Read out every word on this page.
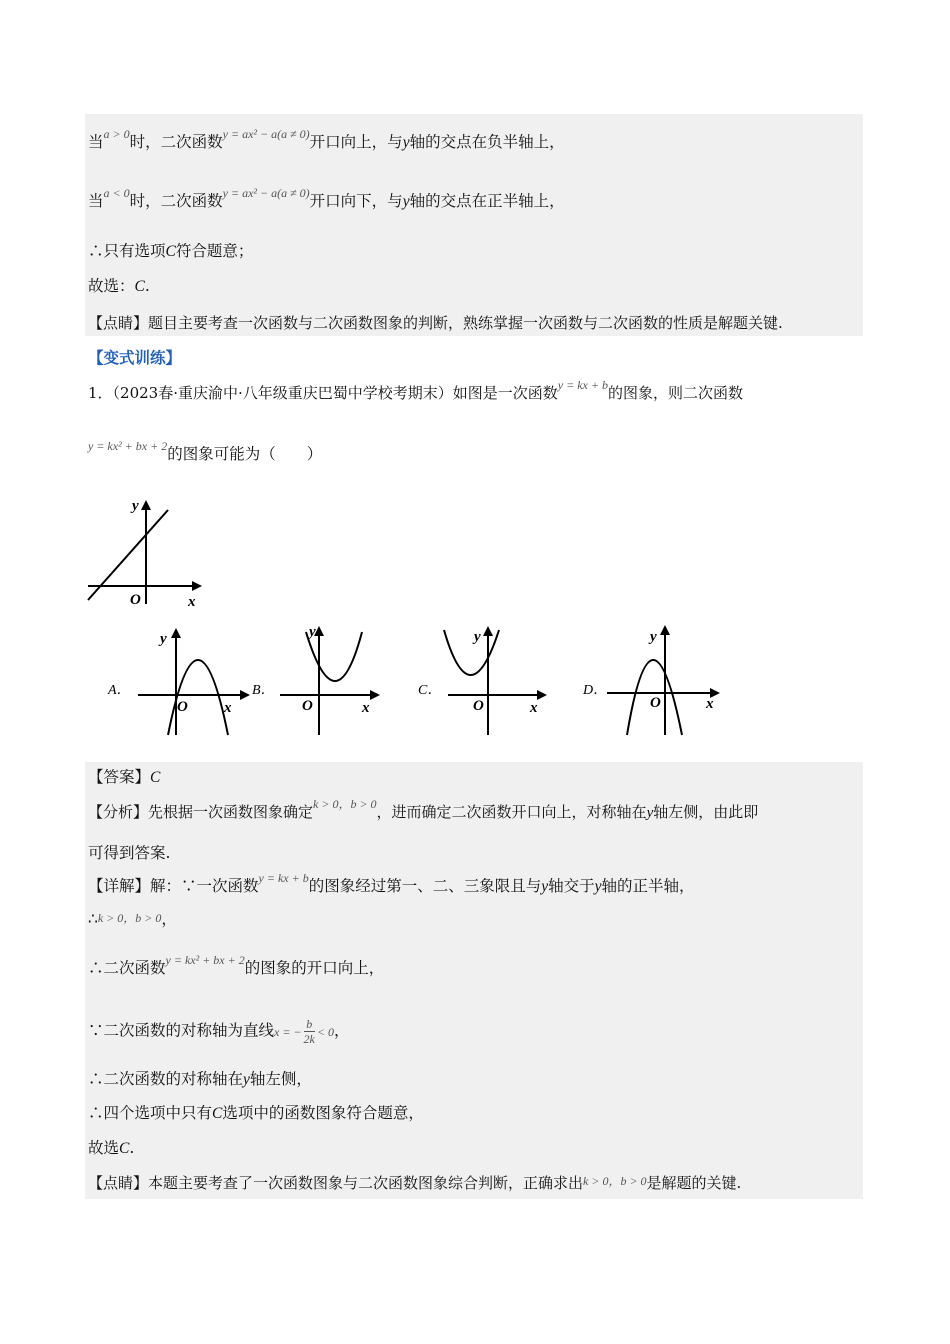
当$^{a > 0}$时，二次函数$^{y = ax^2 - a(a \ne 0)}$开口向上，与y轴的交点在负半轴上，
当$^{a < 0}$时，二次函数$^{y = ax^2 - a(a \ne 0)}$开口向下，与y轴的交点在正半轴上，
∴只有选项C符合题意；
故选：C.
【点睛】题目主要考查一次函数与二次函数图象的判断，熟练掌握一次函数与二次函数的性质是解题关键.
【变式训练】
1．（2023春·重庆渝中·八年级重庆巴蜀中学校考期末）如图是一次函数$^{y = kx + b}$的图象，则二次函数
$^{y = kx^2 + bx + 2}$的图象可能为（　　）
y
O	x
A．
y
O x
B．
y
O	x
C．
y
O	x
D．
y
O	x
【答案】C
【分析】先根据一次函数图象确定$^{k > 0,b > 0}$，进而确定二次函数开口向上，对称轴在y轴左侧，由此即
可得到答案.
【详解】解：∵一次函数$^{y = kx + b}$的图象经过第一、二、三象限且与y轴交于y轴的正半轴，
∴k > 0，b > 0，
∴二次函数$^{y = kx^2 + bx + 2}$的图象的开口向上，
∵二次函数的对称轴为直线x = − $\frac{b}{2k} < 0$，
∴二次函数的对称轴在y轴左侧，
∴四个选项中只有C选项中的函数图象符合题意，
故选C.
【点睛】本题主要考查了一次函数图象与二次函数图象综合判断，正确求出$^{k > 0,b > 0}$是解题的关键.
